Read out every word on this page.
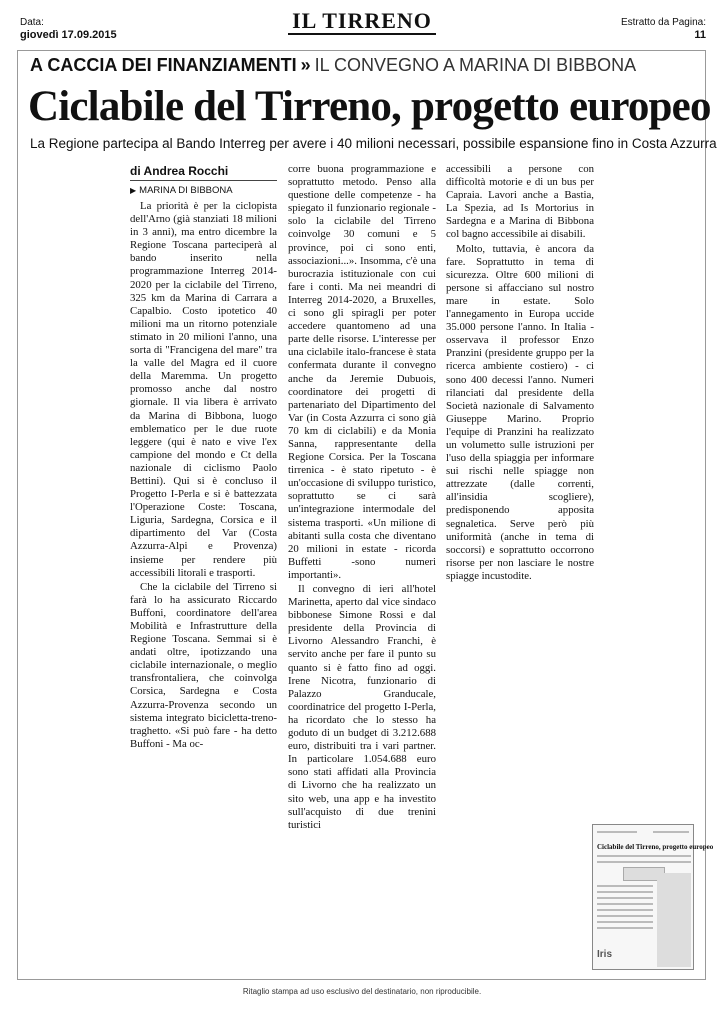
Data:
giovedì 17.09.2015
IL TIRRENO	Estratto da Pagina:
11
A CACCIA DEI FINANZIAMENTI » IL CONVEGNO A MARINA DI BIBBONA
Ciclabile del Tirreno, progetto europeo
La Regione partecipa al Bando Interreg per avere i 40 milioni necessari, possibile espansione fino in Costa Azzurra
di Andrea Rocchi
▶ MARINA DI BIBBONA

La priorità è per la ciclopista dell'Arno (già stanziati 18 milioni in 3 anni), ma entro dicembre la Regione Toscana parteciperà al bando inserito nella programmazione Interreg 2014-2020 per la ciclabile del Tirreno, 325 km da Marina di Carrara a Capalbio. Costo ipotetico 40 milioni ma un ritorno potenziale stimato in 20 milioni l'anno, una sorta di "Francigena del mare" tra la valle del Magra ed il cuore della Maremma. Un progetto promosso anche dal nostro giornale. Il via libera è arrivato da Marina di Bibbona, luogo emblematico per le due ruote leggere (qui è nato e vive l'ex campione del mondo e Ct della nazionale di ciclismo Paolo Bettini). Qui si è concluso il Progetto I-Perla e si è battezzata l'Operazione Coste: Toscana, Liguria, Sardegna, Corsica e il dipartimento del Var (Costa Azzurra-Alpi e Provenza) insieme per rendere più accessibili litorali e trasporti.

Che la ciclabile del Tirreno si farà lo ha assicurato Riccardo Buffoni, coordinatore dell'area Mobilità e Infrastrutture della Regione Toscana. Semmai si è andati oltre, ipotizzando una ciclabile internazionale, o meglio transfrontaliera, che coinvolga Corsica, Sardegna e Costa Azzurra-Provenza secondo un sistema integrato bicicletta-treno-traghetto. «Si può fare - ha detto Buffoni - Ma oc-

corre buona programmazione e soprattutto metodo. Penso alla questione delle competenze - ha spiegato il funzionario regionale - solo la ciclabile del Tirreno coinvolge 30 comuni e 5 province, poi ci sono enti, associazioni...». Insomma, c'è una burocrazia istituzionale con cui fare i conti. Ma nei meandri di Interreg 2014-2020, a Bruxelles, ci sono gli spiragli per poter accedere quantomeno ad una parte delle risorse. L'interesse per una ciclabile italo-francese è stata confermata durante il convegno anche da Jeremie Dubuois, coordinatore dei progetti di partenariato del Dipartimento del Var (in Costa Azzurra ci sono già 70 km di ciclabili) e da Monia Sanna, rappresentante della Regione Corsica. Per la Toscana tirrenica - è stato ripetuto - è un'occasione di sviluppo turistico, soprattutto se ci sarà un'integrazione intermodale del sistema trasporti. «Un milione di abitanti sulla costa che diventano 20 milioni in estate - ricorda Buffetti -sono numeri importanti».

Il convegno di ieri all'hotel Marinetta, aperto dal vice sindaco bibbonese Simone Rossi e dal presidente della Provincia di Livorno Alessandro Franchi, è servito anche per fare il punto su quanto si è fatto fino ad oggi. Irene Nicotra, funzionario di Palazzo Granducale, coordinatrice del progetto I-Perla, ha ricordato che lo stesso ha goduto di un budget di 3.212.688 euro, distribuiti tra i vari partner. In particolare 1.054.688 euro sono stati affidati alla Provincia di Livorno che ha realizzato un sito web, una app e ha investito sull'acquisto di due trenini turistici

accessibili a persone con difficoltà motorie e di un bus per Capraia. Lavori anche a Bastia, La Spezia, ad Is Mortorius in Sardegna e a Marina di Bibbona col bagno accessibile ai disabili.

Molto, tuttavia, è ancora da fare. Soprattutto in tema di sicurezza. Oltre 600 milioni di persone si affacciano sul nostro mare in estate. Solo l'annegamento in Europa uccide 35.000 persone l'anno. In Italia - osservava il professor Enzo Pranzini (presidente gruppo per la ricerca ambiente costiero) - ci sono 400 decessi l'anno. Numeri rilanciati dal presidente della Società nazionale di Salvamento Giuseppe Marino. Proprio l'equipe di Pranzini ha realizzato un volumetto sulle istruzioni per l'uso della spiaggia per informare sui rischi nelle spiagge non attrezzate (dalle correnti, all'insidia scogliere), predisponendo apposita segnaletica. Serve però più uniformità (anche in tema di soccorsi) e soprattutto occorrono risorse per non lasciare le nostre spiagge incustodite.

Ciclabile del Tirreno, progetto europeo
Iris
Ritaglio stampa ad uso esclusivo del destinatario, non riproducibile.
